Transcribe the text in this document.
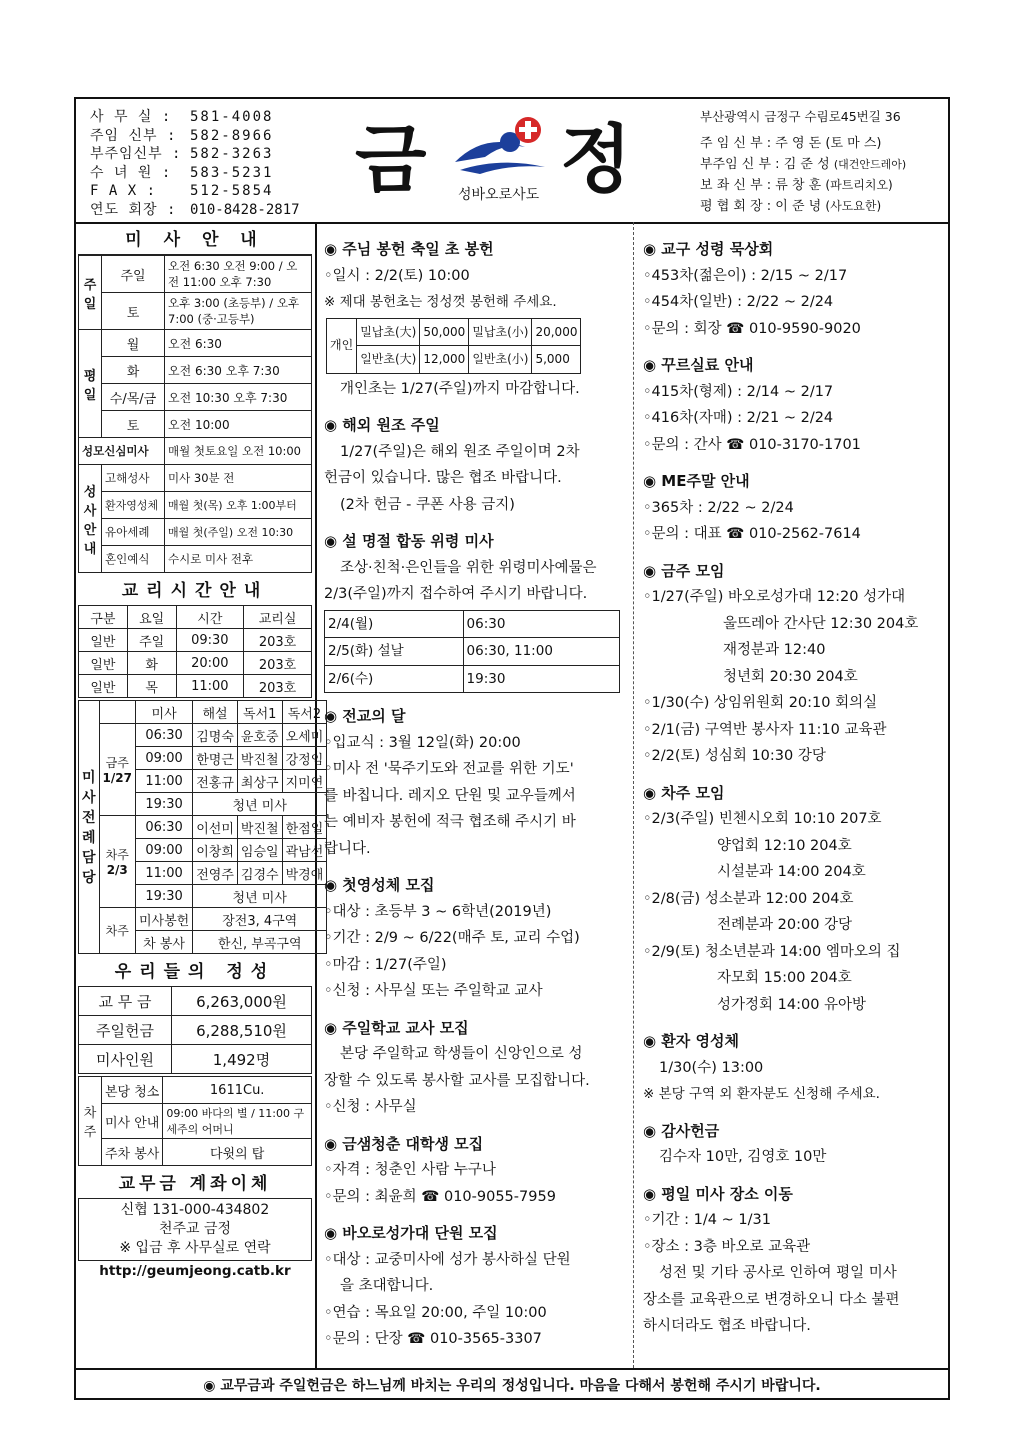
사 무 실 :	581-4008
주임 신부 : 582-8966
부주임신부 : 582-3263
수 녀 원 :	583-5231
F A X :	512-5854
연도 회장 : 010-8428-2817
금 정
성바오로사도
부산광역시 금정구 수림로45번길 36
주 임 신 부 : 주 영 돈 (토 마 스)
부주임 신 부 : 김 준 성 (대건안드레아)
보 좌 신 부 : 류 창 훈 (파트리치오)
평 협 회 장 : 이 준 녕 (사도요한)
미 사 안 내
주일	주일	오전 6:30 오전 9:00 / 오전 11:00 오후 7:30
	토	오후 3:00 (초등부) / 오후 7:00 (중·고등부)
평일	월	오전 6:30
	화	오전 6:30 오후 7:30
	수/목/금	오전 10:30 오후 7:30
	토	오전 10:00
성모신심미사		매월 첫토요일 오전 10:00
성사안내	고해성사	미사 30분 전
	환자영성체	매월 첫(목) 오후 1:00부터
	유아세례	매월 첫(주일) 오전 10:30
	혼인예식	수시로 미사 전후
교리시간안내
구분	요일	시간	교리실
일반	주일	09:30	203호
일반	화	20:00	203호
일반	목	11:00	203호
미사전례담당		미사	해설	독서1	독서2
	금주
1/27	06:30	김명숙	윤호중	오세미
		09:00	한명근	박진철	강정임
		11:00	전홍규	최상구	지미연
		19:30	청년 미사		
	차주
2/3	06:30	이선미	박진철	한점일
		09:00	이창희	임승일	곽남선
		11:00	전영주	김경수	박경애
		19:30	청년 미사		
	차주	미사봉헌	장전3, 4구역		
		차 봉사	한신, 부곡구역		
우리들의 정성
교 무 금	6,263,000원
주일헌금	6,288,510원
미사인원	1,492명
차주	본당 청소	1611Cu.
	미사 안내	09:00 바다의 별 / 11:00 구세주의 어머니
	주차 봉사	다윗의 탑
교무금 계좌이체
신협 131-000-434802
천주교 금정
※ 입금 후 사무실로 연락
http://geumjeong.catb.kr

◉ 주님 봉헌 축일 초 봉헌

◦일시 : 2/2(토) 10:00

※ 제대 봉헌초는 정성껏 봉헌해 주세요.

개인	밀납초(大)	50,000	밀납초(小)	20,000
	일반초(大)	12,000	일반초(小)	5,000

개인초는 1/27(주일)까지 마감합니다.

◉ 해외 원조 주일

1/27(주일)은 해외 원조 주일이며 2차

헌금이 있습니다. 많은 협조 바랍니다.

(2차 헌금 - 쿠폰 사용 금지)

◉ 설 명절 합동 위령 미사

조상·친척·은인들을 위한 위령미사예물은

2/3(주일)까지 접수하여 주시기 바랍니다.

2/4(월)	06:30
2/5(화) 설날	06:30, 11:00
2/6(수)	19:30

◉ 전교의 달

◦입교식 : 3월 12일(화) 20:00

◦미사 전 '묵주기도와 전교를 위한 기도'

를 바칩니다. 레지오 단원 및 교우들께서

는 예비자 봉헌에 적극 협조해 주시기 바

랍니다.

◉ 첫영성체 모집

◦대상 : 초등부 3 ~ 6학년(2019년)

◦기간 : 2/9 ~ 6/22(매주 토, 교리 수업)

◦마감 : 1/27(주일)

◦신청 : 사무실 또는 주일학교 교사

◉ 주일학교 교사 모집

본당 주일학교 학생들이 신앙인으로 성

장할 수 있도록 봉사할 교사를 모집합니다.

◦신청 : 사무실

◉ 금샘청춘 대학생 모집

◦자격 : 청춘인 사람 누구나

◦문의 : 최윤희 ☎ 010-9055-7959

◉ 바오로성가대 단원 모집

◦대상 : 교중미사에 성가 봉사하실 단원

을 초대합니다.

◦연습 : 목요일 20:00, 주일 10:00

◦문의 : 단장 ☎ 010-3565-3307

◉ 교구 성령 묵상회

◦453차(젊은이) : 2/15 ~ 2/17

◦454차(일반) : 2/22 ~ 2/24

◦문의 : 회장 ☎ 010-9590-9020

◉ 꾸르실료 안내

◦415차(형제) : 2/14 ~ 2/17

◦416차(자매) : 2/21 ~ 2/24

◦문의 : 간사 ☎ 010-3170-1701

◉ ME주말 안내

◦365차 : 2/22 ~ 2/24

◦문의 : 대표 ☎ 010-2562-7614

◉ 금주 모임

◦1/27(주일) 바오로성가대 12:20 성가대

울뜨레아 간사단 12:30 204호

재정분과 12:40

청년회 20:30 204호

◦1/30(수) 상임위원회 20:10 회의실

◦2/1(금) 구역반 봉사자 11:10 교육관

◦2/2(토) 성심회 10:30 강당

◉ 차주 모임

◦2/3(주일) 빈첸시오회 10:10 207호

양업회 12:10 204호

시설분과 14:00 204호

◦2/8(금) 성소분과 12:00 204호

전례분과 20:00 강당

◦2/9(토) 청소년분과 14:00 엠마오의 집

자모회 15:00 204호

성가정회 14:00 유아방

◉ 환자 영성체

1/30(수) 13:00

※ 본당 구역 외 환자분도 신청해 주세요.

◉ 감사헌금

김수자 10만, 김영호 10만

◉ 평일 미사 장소 이동

◦기간 : 1/4 ~ 1/31

◦장소 : 3층 바오로 교육관

성전 및 기타 공사로 인하여 평일 미사

장소를 교육관으로 변경하오니 다소 불편

하시더라도 협조 바랍니다.

◉ 교무금과 주일헌금은 하느님께 바치는 우리의 정성입니다. 마음을 다해서 봉헌해 주시기 바랍니다.
